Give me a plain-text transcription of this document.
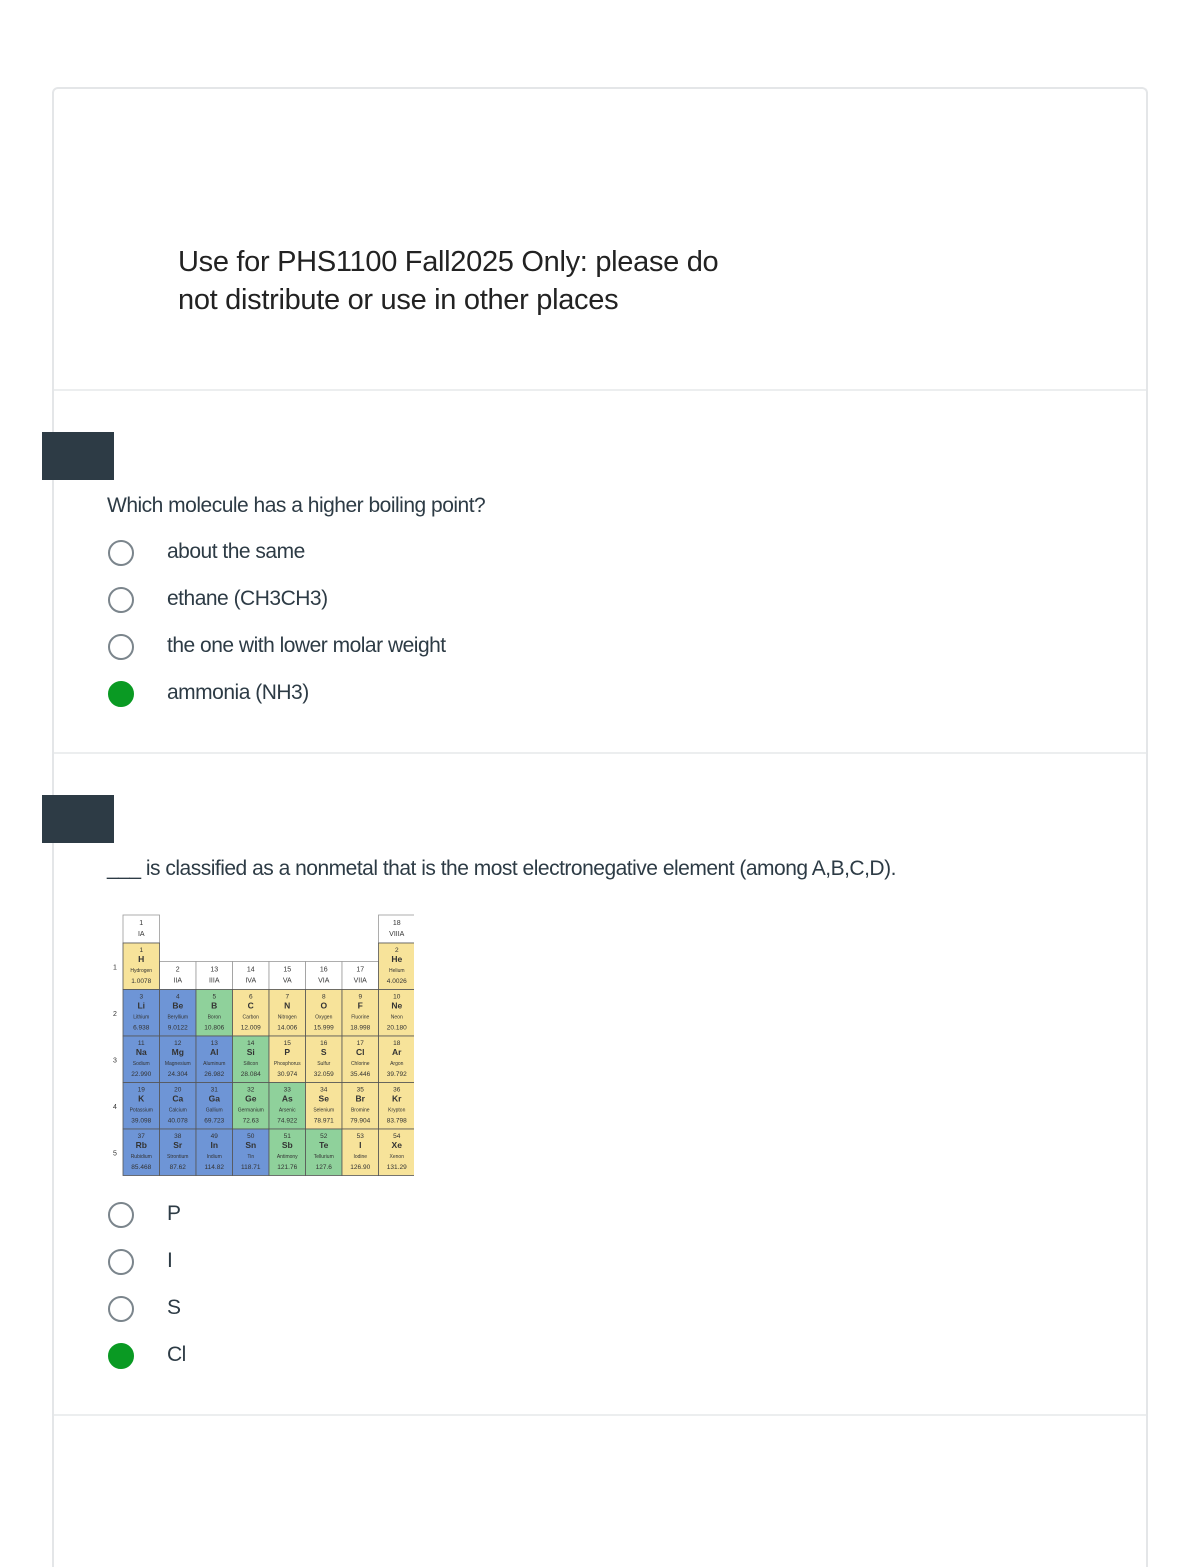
Use for PHS1100 Fall2025 Only: please do
not distribute or use in other places
Which molecule has a higher boiling point?
about the same
ethane (CH3CH3)
the one with lower molar weight
ammonia (NH3)
___ is classified as a nonmetal that is the most electronegative element (among A,B,C,D).
1
IA
2
IIA
13
IIIA
14
IVA
15
VA
16
VIA
17
VIIA
18
VIIIA
1
2
3
4
5
1
H
Hydrogen
1.0078
2
He
Helium
4.0026
3
Li
Lithium
6.938
4
Be
Beryllium
9.0122
5
B
Boron
10.806
6
C
Carbon
12.009
7
N
Nitrogen
14.006
8
O
Oxygen
15.999
9
F
Fluorine
18.998
10
Ne
Neon
20.180
11
Na
Sodium
22.990
12
Mg
Magnesium
24.304
13
Al
Aluminum
26.982
14
Si
Silicon
28.084
15
P
Phosphorus
30.974
16
S
Sulfur
32.059
17
Cl
Chlorine
35.446
18
Ar
Argon
39.792
19
K
Potassium
39.098
20
Ca
Calcium
40.078
31
Ga
Gallium
69.723
32
Ge
Germanium
72.63
33
As
Arsenic
74.922
34
Se
Selenium
78.971
35
Br
Bromine
79.904
36
Kr
Krypton
83.798
37
Rb
Rubidium
85.468
38
Sr
Strontium
87.62
49
In
Indium
114.82
50
Sn
Tin
118.71
51
Sb
Antimony
121.76
52
Te
Tellurium
127.6
53
I
Iodine
126.90
54
Xe
Xenon
131.29
P
I
S
Cl
